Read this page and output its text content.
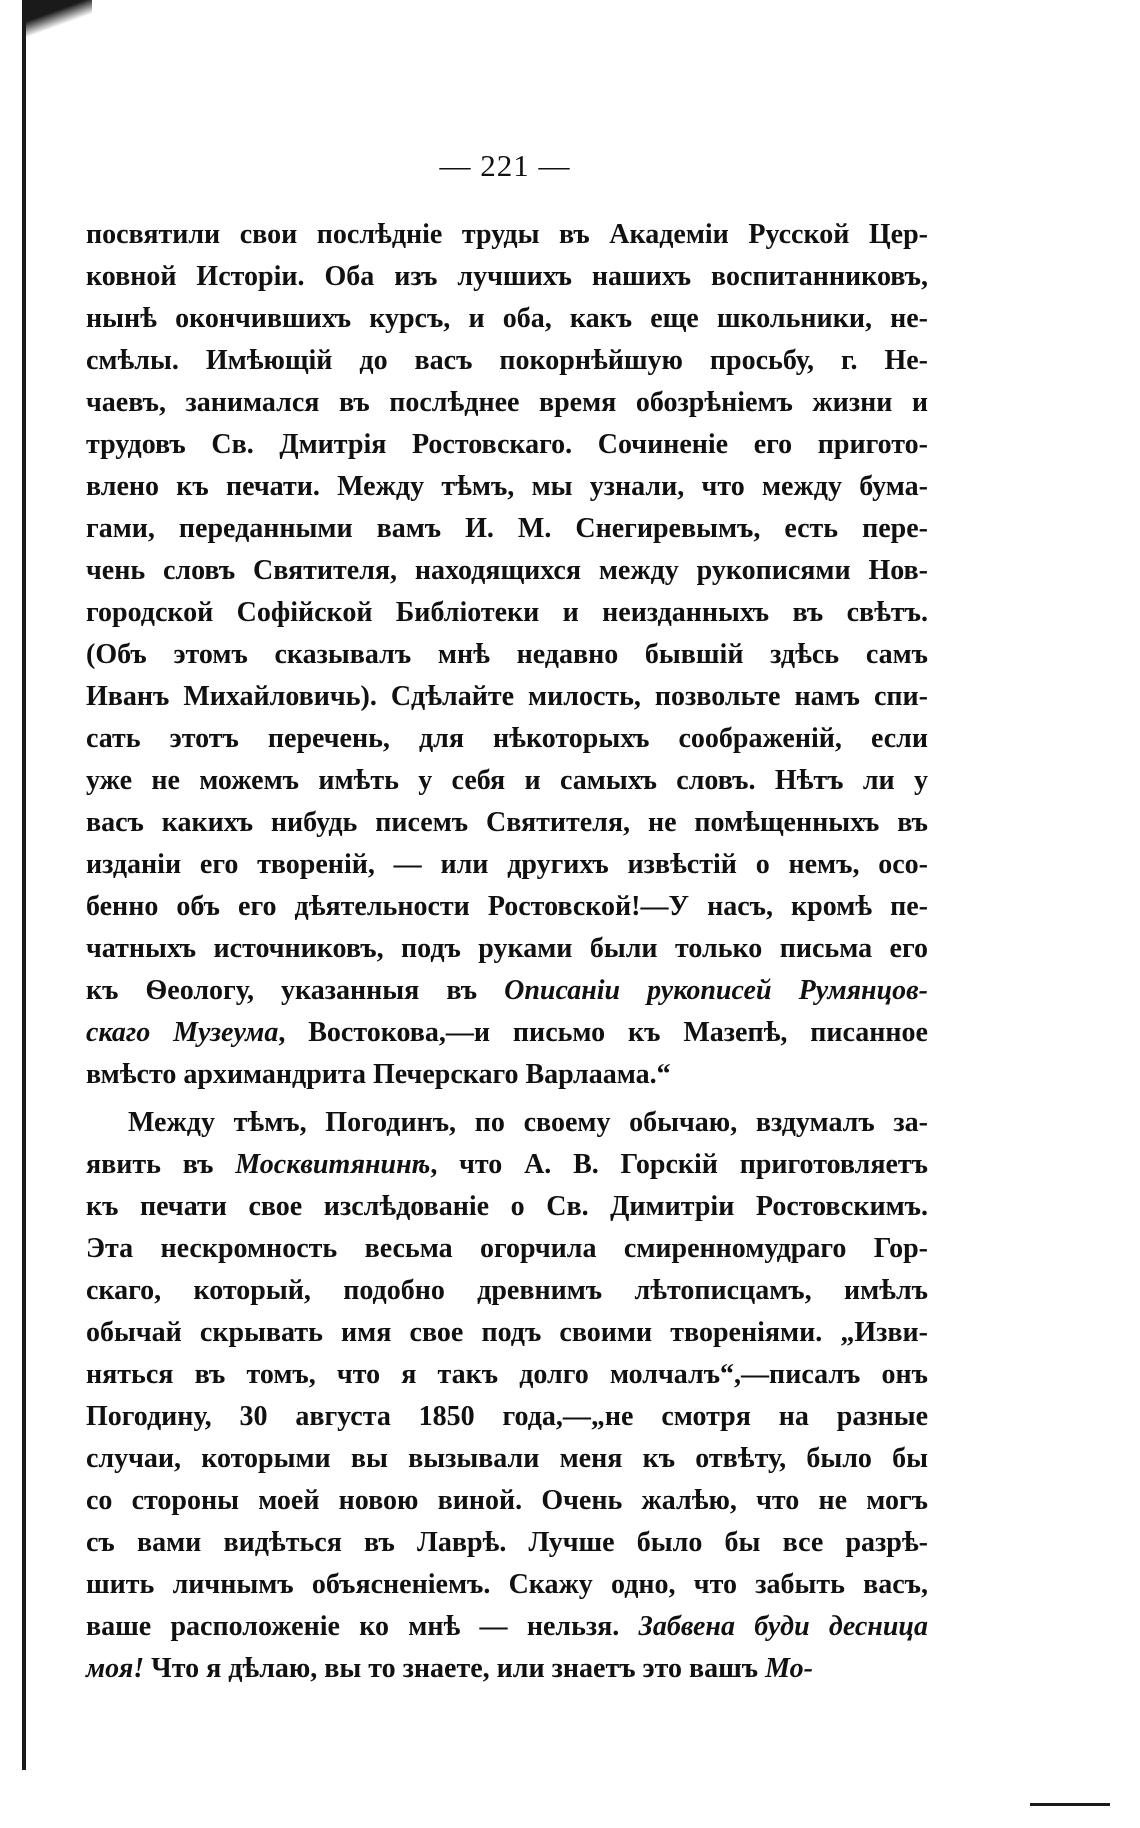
— 221 —
посвятили свои послѣдніе труды въ Академіи Русской Цер-
ковной Исторіи. Оба изъ лучшихъ нашихъ воспитанниковъ,
нынѣ окончившихъ курсъ, и оба, какъ еще школьники, не-
смѣлы. Имѣющій до васъ покорнѣйшую просьбу, г. Не-
чаевъ, занимался въ послѣднее время обозрѣніемъ жизни и
трудовъ Св. Дмитрія Ростовскаго. Сочиненіе его пригото-
влено къ печати. Между тѣмъ, мы узнали, что между бума-
гами, переданными вамъ И. М. Снегиревымъ, есть пере-
чень словъ Святителя, находящихся между рукописями Нов-
городской Софійской Библіотеки и неизданныхъ въ свѣтъ.
(Объ этомъ сказывалъ мнѣ недавно бывшій здѣсь самъ
Иванъ Михайловичь). Сдѣлайте милость, позвольте намъ спи-
сать этотъ перечень, для нѣкоторыхъ соображеній, если
уже не можемъ имѣть у себя и самыхъ словъ. Нѣтъ ли у
васъ какихъ нибудь писемъ Святителя, не помѣщенныхъ въ
изданіи его твореній, — или другихъ извѣстій о немъ, осо-
бенно объ его дѣятельности Ростовской!—У насъ, кромѣ пе-
чатныхъ источниковъ, подъ руками были только письма его
къ Ѳеологу, указанныя въ Описаніи рукописей Румянцов-
скаго Музеума, Востокова,—и письмо къ Мазепѣ, писанное
вмѣсто архимандрита Печерскаго Варлаама.“
Между тѣмъ, Погодинъ, по своему обычаю, вздумалъ за-
явить въ Москвитянинѣ, что А. В. Горскій приготовляетъ
къ печати свое изслѣдованіе о Св. Димитріи Ростовскимъ.
Эта нескромность весьма огорчила смиренномудраго Гор-
скаго, который, подобно древнимъ лѣтописцамъ, имѣлъ
обычай скрывать имя свое подъ своими твореніями. „Изви-
няться въ томъ, что я такъ долго молчалъ“,—писалъ онъ
Погодину, 30 августа 1850 года,—„не смотря на разные
случаи, которыми вы вызывали меня къ отвѣту, было бы
со стороны моей новою виной. Очень жалѣю, что не могъ
съ вами видѣться въ Лаврѣ. Лучше было бы все разрѣ-
шить личнымъ объясненіемъ. Скажу одно, что забыть васъ,
ваше расположеніе ко мнѣ — нельзя. Забвена буди десница
моя! Что я дѣлаю, вы то знаете, или знаетъ это вашъ Мо-
